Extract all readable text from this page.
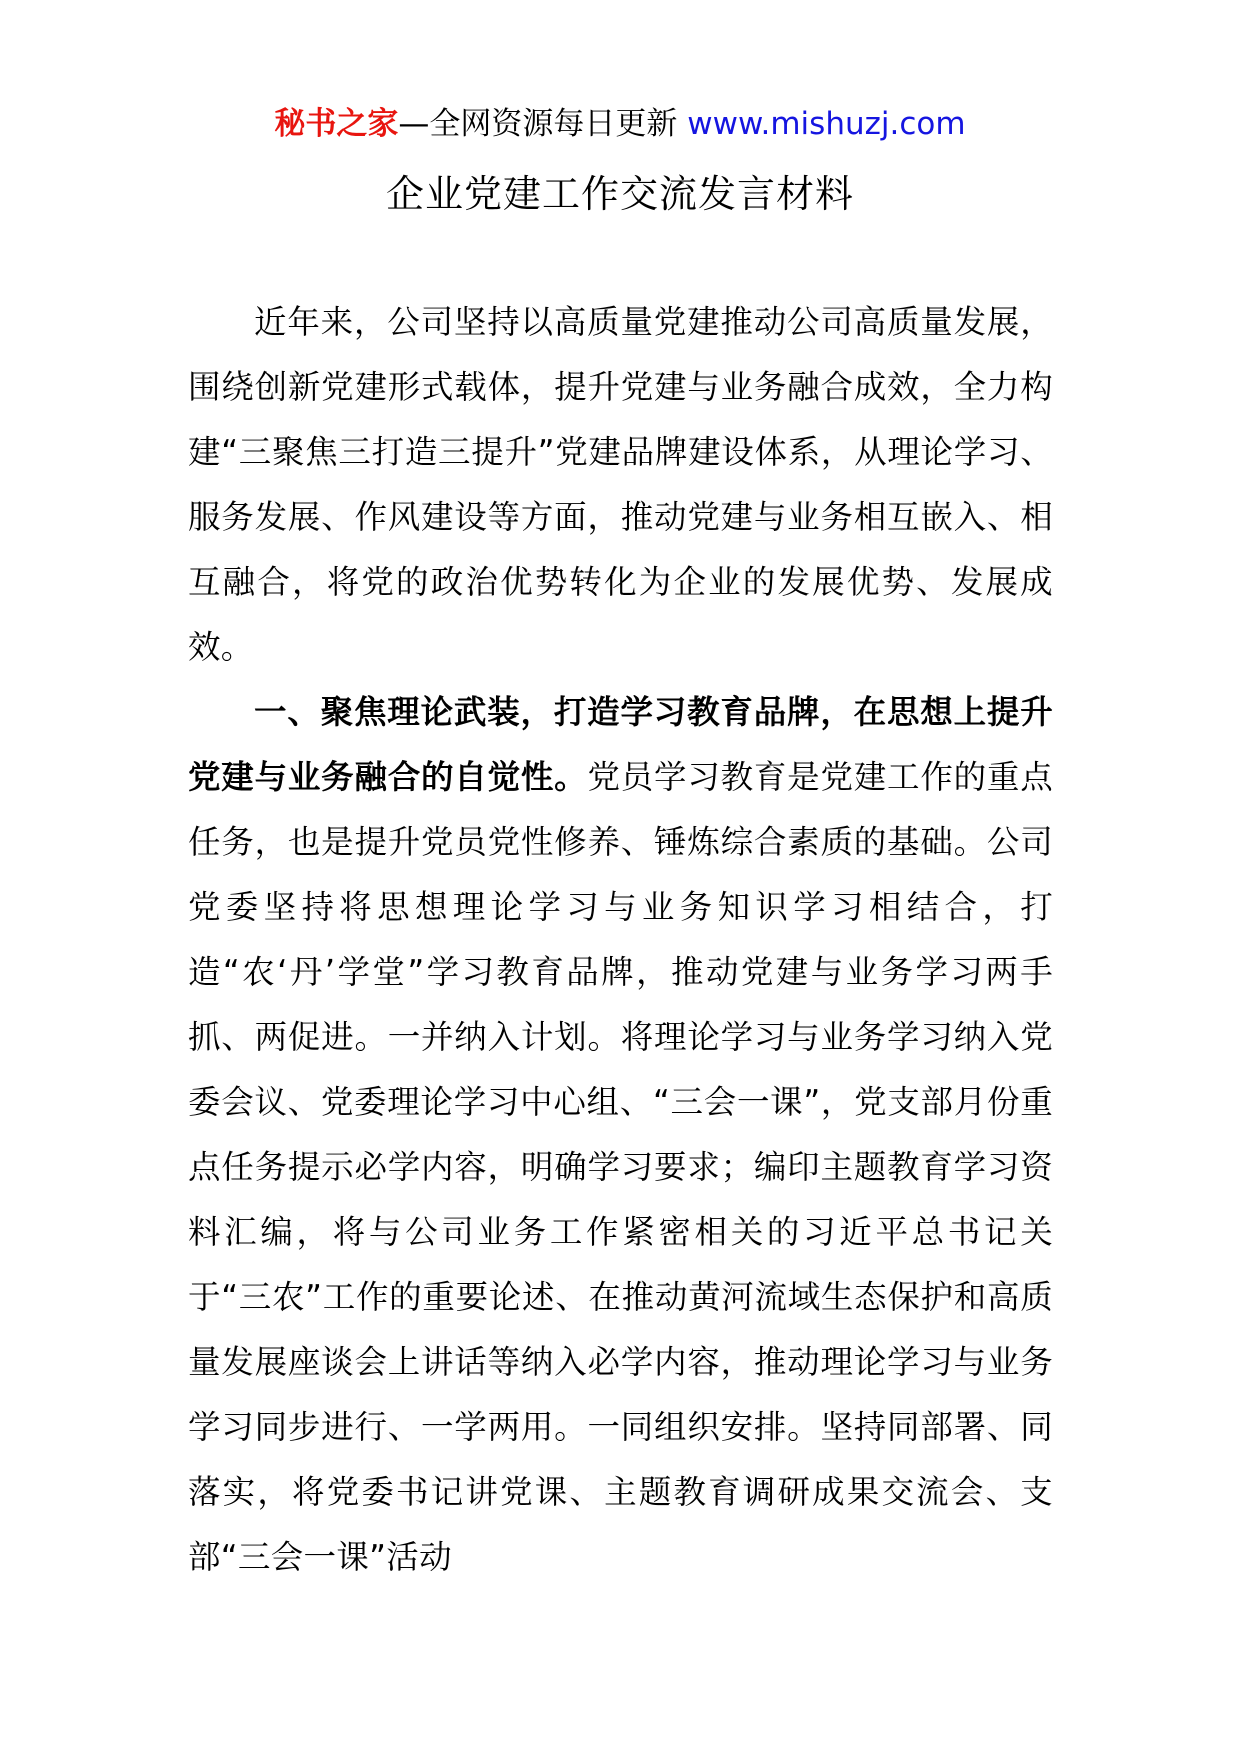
秘书之家—全网资源每日更新 www.mishuzj.com
企业党建工作交流发言材料

近年来，公司坚持以高质量党建推动公司高质量发展，围绕创新党建形式载体，提升党建与业务融合成效，全力构建“三聚焦三打造三提升”党建品牌建设体系，从理论学习、服务发展、作风建设等方面，推动党建与业务相互嵌入、相互融合，将党的政治优势转化为企业的发展优势、发展成效。

一、聚焦理论武装，打造学习教育品牌，在思想上提升党建与业务融合的自觉性。党员学习教育是党建工作的重点任务，也是提升党员党性修养、锤炼综合素质的基础。公司党委坚持将思想理论学习与业务知识学习相结合，打造“农‘丹’学堂”学习教育品牌，推动党建与业务学习两手抓、两促进。一并纳入计划。将理论学习与业务学习纳入党委会议、党委理论学习中心组、“三会一课”，党支部月份重点任务提示必学内容，明确学习要求；编印主题教育学习资料汇编，将与公司业务工作紧密相关的习近平总书记关于“三农”工作的重要论述、在推动黄河流域生态保护和高质量发展座谈会上讲话等纳入必学内容，推动理论学习与业务学习同步进行、一学两用。一同组织安排。坚持同部署、同落实，将党委书记讲党课、主题教育调研成果交流会、支部“三会一课”活动
